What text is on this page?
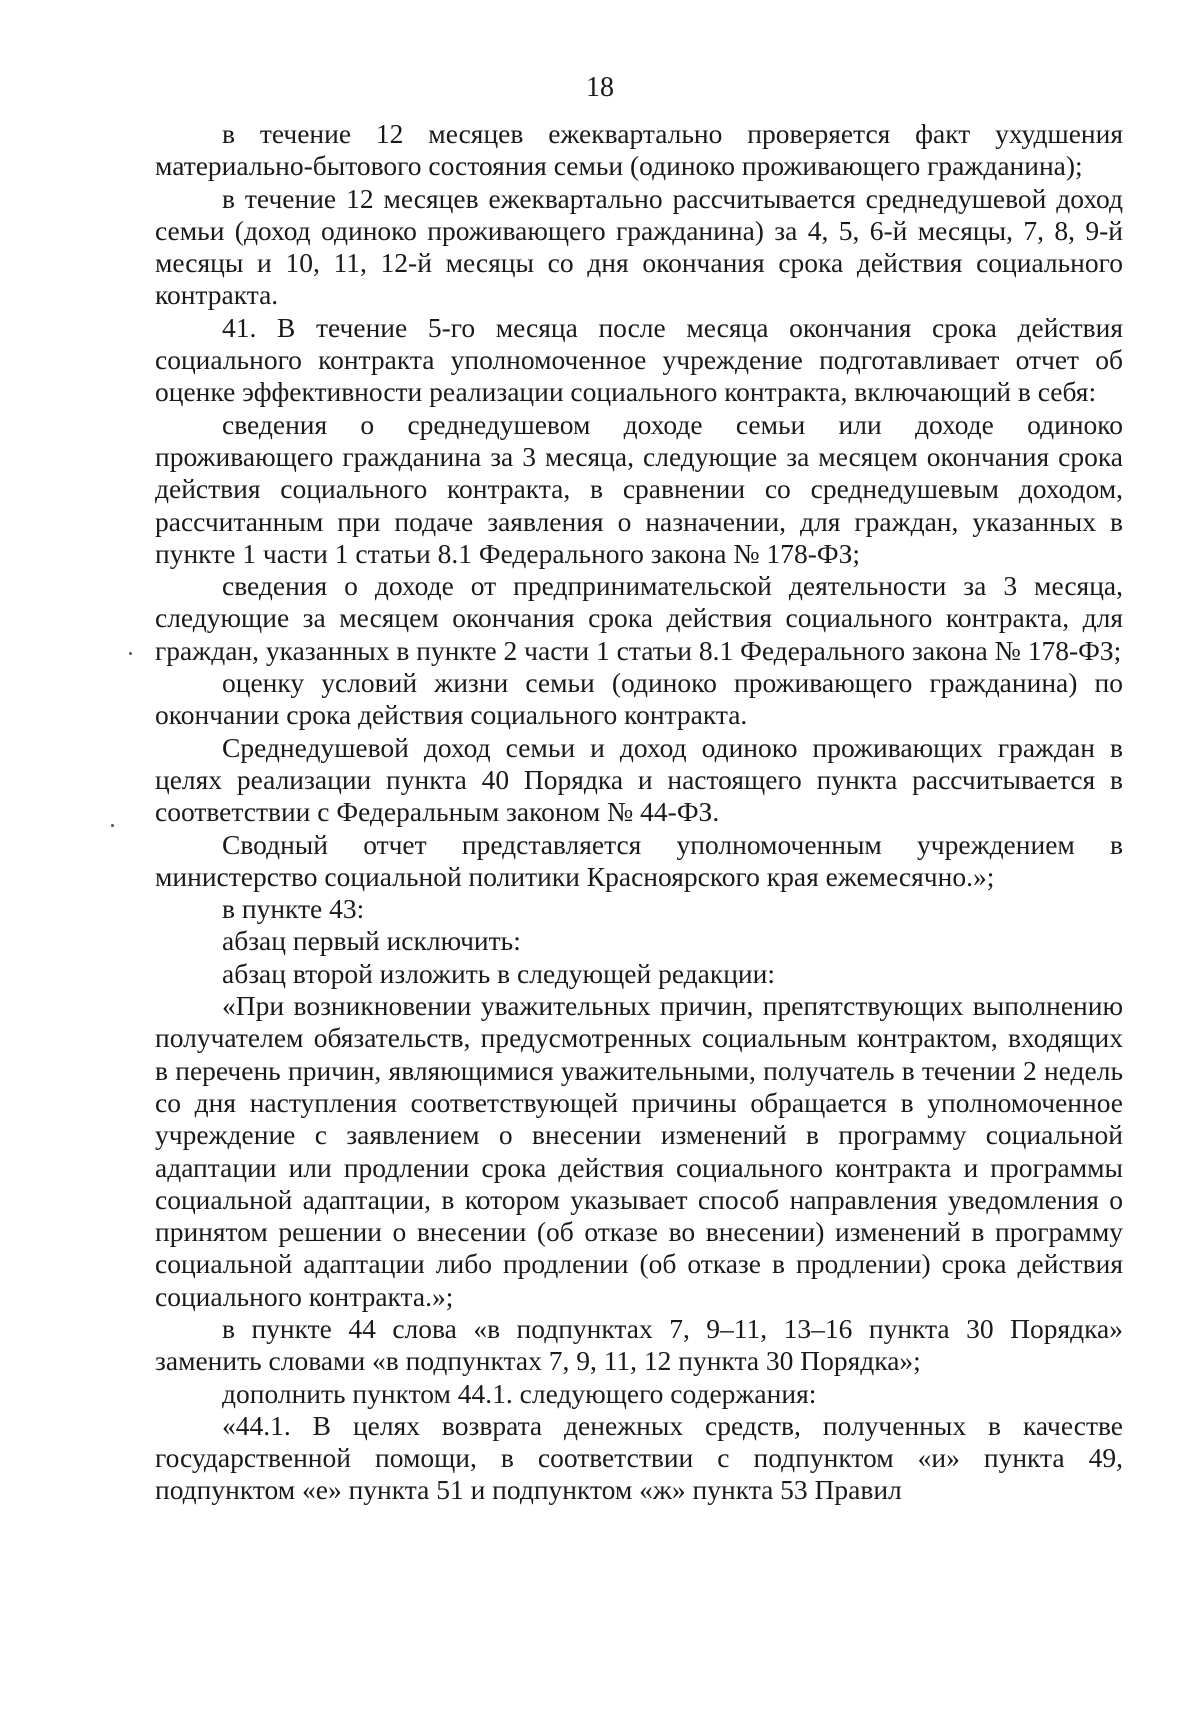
18

в течение 12 месяцев ежеквартально проверяется факт ухудшения материально-бытового состояния семьи (одиноко проживающего гражданина);

в течение 12 месяцев ежеквартально рассчитывается среднедушевой доход семьи (доход одиноко проживающего гражданина) за 4, 5, 6-й месяцы, 7, 8, 9-й месяцы и 10, 11, 12-й месяцы со дня окончания срока действия социального контракта.

41. В течение 5-го месяца после месяца окончания срока действия социального контракта уполномоченное учреждение подготавливает отчет об оценке эффективности реализации социального контракта, включающий в себя:

сведения о среднедушевом доходе семьи или доходе одиноко проживающего гражданина за 3 месяца, следующие за месяцем окончания срока действия социального контракта, в сравнении со среднедушевым доходом, рассчитанным при подаче заявления о назначении, для граждан, указанных в пункте 1 части 1 статьи 8.1 Федерального закона № 178-ФЗ;

сведения о доходе от предпринимательской деятельности за 3 месяца, следующие за месяцем окончания срока действия социального контракта, для граждан, указанных в пункте 2 части 1 статьи 8.1 Федерального закона № 178-ФЗ;

оценку условий жизни семьи (одиноко проживающего гражданина) по окончании срока действия социального контракта.

Среднедушевой доход семьи и доход одиноко проживающих граждан в целях реализации пункта 40 Порядка и настоящего пункта рассчитывается в соответствии с Федеральным законом № 44-ФЗ.

Сводный отчет представляется уполномоченным учреждением в министерство социальной политики Красноярского края ежемесячно.»;

в пункте 43:

абзац первый исключить:

абзац второй изложить в следующей редакции:

«При возникновении уважительных причин, препятствующих выполнению получателем обязательств, предусмотренных социальным контрактом, входящих в перечень причин, являющимися уважительными, получатель в течении 2 недель со дня наступления соответствующей причины обращается в уполномоченное учреждение с заявлением о внесении изменений в программу социальной адаптации или продлении срока действия социального контракта и программы социальной адаптации, в котором указывает способ направления уведомления о принятом решении о внесении (об отказе во внесении) изменений в программу социальной адаптации либо продлении (об отказе в продлении) срока действия социального контракта.»;

в пункте 44 слова «в подпунктах 7, 9–11, 13–16 пункта 30 Порядка» заменить словами «в подпунктах 7, 9, 11, 12 пункта 30 Порядка»;

дополнить пунктом 44.1. следующего содержания:

«44.1. В целях возврата денежных средств, полученных в качестве государственной помощи, в соответствии с подпунктом «и» пункта 49, подпунктом «е» пункта 51 и подпунктом «ж» пункта 53 Правил
